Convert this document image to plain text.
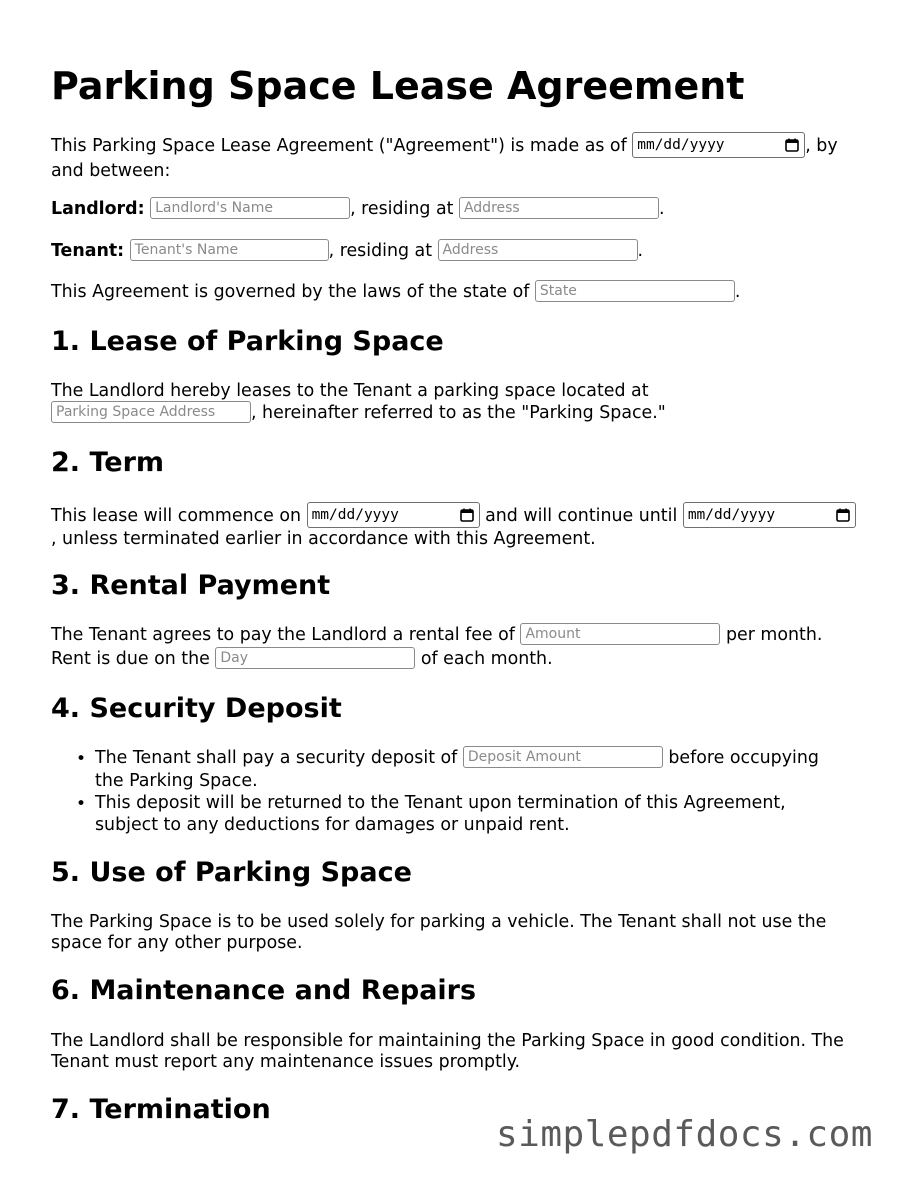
Parking Space Lease Agreement

This Parking Space Lease Agreement ("Agreement") is made as of mm/dd/yyyy	, by

and between:

Landlord: Landlord's Name	, residing at Address	.

Tenant: Tenant's Name	, residing at Address	.

This Agreement is governed by the laws of the state of State	.

1. Lease of Parking Space

The Landlord hereby leases to the Tenant a parking space located at

Parking Space Address , hereinafter referred to as the "Parking Space."

2. Term

This lease will commence on mm/dd/yyyy	and will continue until mm/dd/yyyy

, unless terminated earlier in accordance with this Agreement.

3. Rental Payment

The Tenant agrees to pay the Landlord a rental fee of Amount	per month.

Rent is due on the Day	of each month.

4. Security Deposit
• The Tenant shall pay a security deposit of Deposit Amount	before occupying

the Parking Space.

• This deposit will be returned to the Tenant upon termination of this Agreement,

subject to any deductions for damages or unpaid rent.

5. Use of Parking Space

The Parking Space is to be used solely for parking a vehicle. The Tenant shall not use the

space for any other purpose.

6. Maintenance and Repairs

The Landlord shall be responsible for maintaining the Parking Space in good condition. The

Tenant must report any maintenance issues promptly.

7. Termination
simplepdfdocs.com
